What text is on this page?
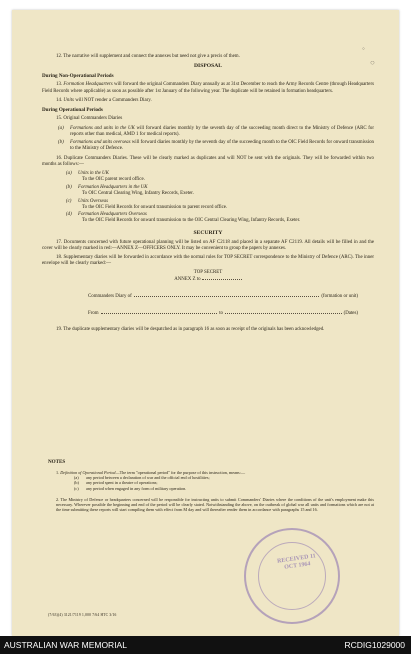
◦
○

12. The narrative will supplement and connect the annexes but need not give a precis of them.

DISPOSAL
During Non-Operational Periods

13. Formation Headquarters will forward the original Commanders Diary annually as at 31st December to reach the Army Records Centre (through Headquarters Field Records where applicable) as soon as possible after 1st January of the following year. The duplicate will be retained in formation headquarters.

14. Units will NOT render a Commanders Diary.

During Operational Periods

15. Original Commanders Diaries

(a) Formations and units in the UK will forward diaries monthly by the seventh day of the succeeding month direct to the Ministry of Defence (ARC for reports other than medical, AMD 1 for medical reports).
(b) Formations and units overseas will forward diaries monthly by the seventh day of the succeeding month to the OIC Field Records for onward transmission to the Ministry of Defence.

16. Duplicate Commanders Diaries. These will be clearly marked as duplicates and will NOT be sent with the originals. They will be forwarded within two months as follows:—

(a) Units in the UK
To the OIC parent record office.
(b) Formation Headquarters in the UK
To OIC Central Clearing Wing, Infantry Records, Exeter.
(c) Units Overseas
To the OIC Field Records for onward transmission to parent record office.
(d) Formation Headquarters Overseas
To the OIC Field Records for onward transmission to the OIC Central Clearing Wing, Infantry Records, Exeter.
SECURITY

17. Documents concerned with future operational planning will be listed on AF C2118 and placed in a separate AF C2119. All details will be filled in and the cover will be clearly marked in red:—ANNEX Z—OFFICERS ONLY. It may be convenient to group the papers by annexes.

18. Supplementary diaries will be forwarded in accordance with the normal rules for TOP SECRET correspondence to the Ministry of Defence (ARC). The inner envelope will be clearly marked:—

TOP SECRET
ANNEX Z to
Commanders Diary of	(formation or unit)
From	to	(Dates)

19. The duplicate supplementary diaries will be despatched as in paragraph 16 as soon as receipt of the originals has been acknowledged.

NOTES
1. Definition of Operational Period—The term "operational period" for the purpose of this instruction, means:—
(a) any period between a declaration of war and the official end of hostilities;
(b) any period spent in a theatre of operations;
(c) any period when engaged in any form of military operation.
2. The Ministry of Defence or headquarters concerned will be responsible for instructing units to submit Commanders' Diaries where the conditions of the unit's employment make this necessary. Wherever possible the beginning and end of the period will be clearly stated. Notwithstanding the above, on the outbreak of global war all units and formations which are not at the time submitting these reports will start compiling them with effect from M day and will thereafter render them in accordance with paragraphs 15 and 16.
RECEIVED 11 OCT 1964
(7/63)(4) 3121/7119 1,000 7/64 HTC 3/16
AUSTRALIAN WAR MEMORIAL	RCDIG1029000
